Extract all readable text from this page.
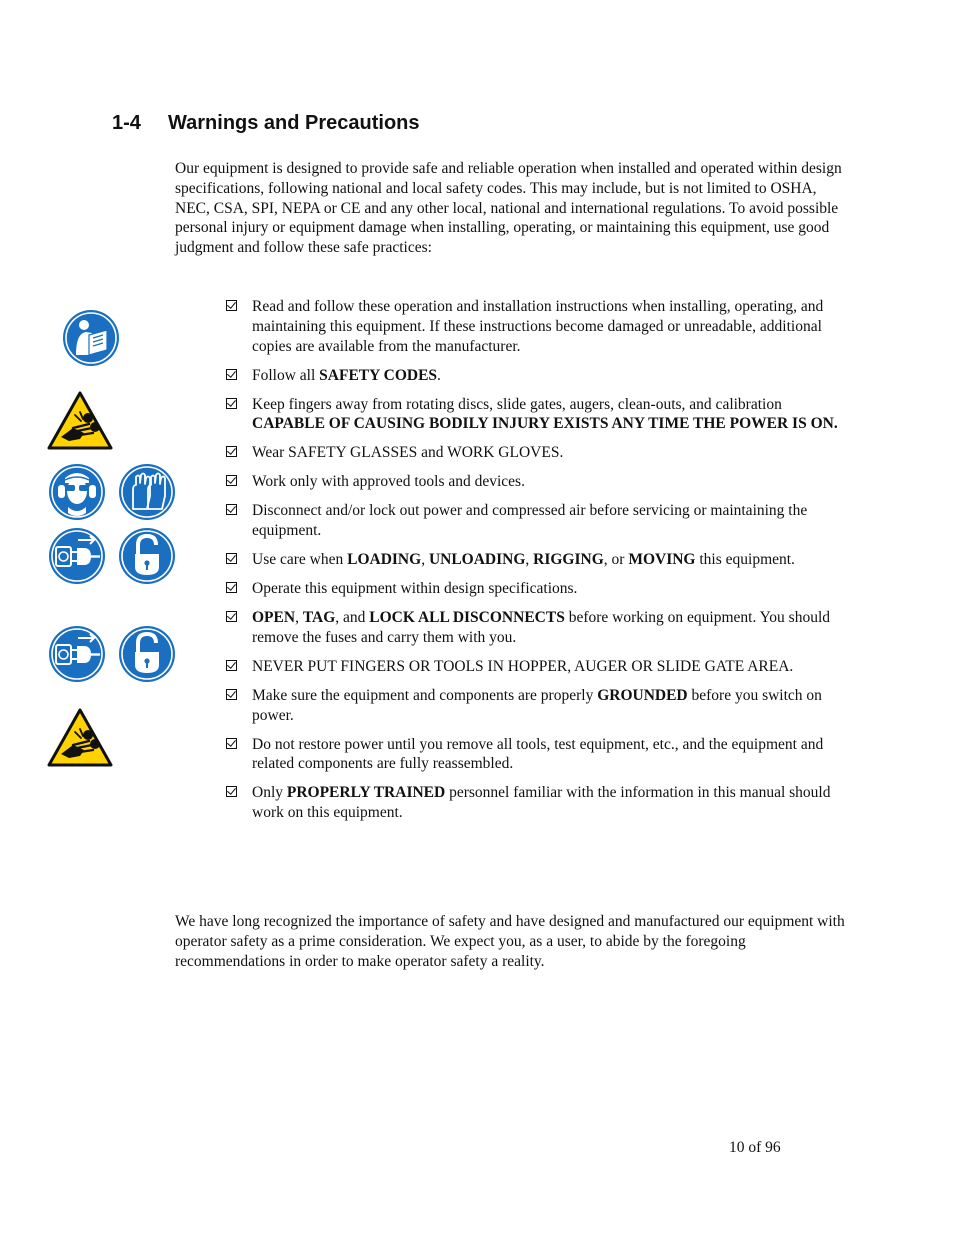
1-4 Warnings and Precautions

Our equipment is designed to provide safe and reliable operation when installed and operated within design specifications, following national and local safety codes. This may include, but is not limited to OSHA, NEC, CSA, SPI, NEPA or CE and any other local, national and international regulations. To avoid possible personal injury or equipment damage when installing, operating, or maintaining this equipment, use good judgment and follow these safe practices:

Read and follow these operation and installation instructions when installing, operating, and maintaining this equipment. If these instructions become damaged or unreadable, additional copies are available from the manufacturer.
Follow all SAFETY CODES.
Keep fingers away from rotating discs, slide gates, augers, clean-outs, and calibration CAPABLE OF CAUSING BODILY INJURY EXISTS ANY TIME THE POWER IS ON.
Wear SAFETY GLASSES and WORK GLOVES.
Work only with approved tools and devices.
Disconnect and/or lock out power and compressed air before servicing or maintaining the equipment.
Use care when LOADING, UNLOADING, RIGGING, or MOVING this equipment.
Operate this equipment within design specifications.
OPEN, TAG, and LOCK ALL DISCONNECTS before working on equipment. You should remove the fuses and carry them with you.
NEVER PUT FINGERS OR TOOLS IN HOPPER, AUGER OR SLIDE GATE AREA.
Make sure the equipment and components are properly GROUNDED before you switch on power.
Do not restore power until you remove all tools, test equipment, etc., and the equipment and related components are fully reassembled.
Only PROPERLY TRAINED personnel familiar with the information in this manual should work on this equipment.

We have long recognized the importance of safety and have designed and manufactured our equipment with operator safety as a prime consideration. We expect you, as a user, to abide by the foregoing recommendations in order to make operator safety a reality.

10 of 96
